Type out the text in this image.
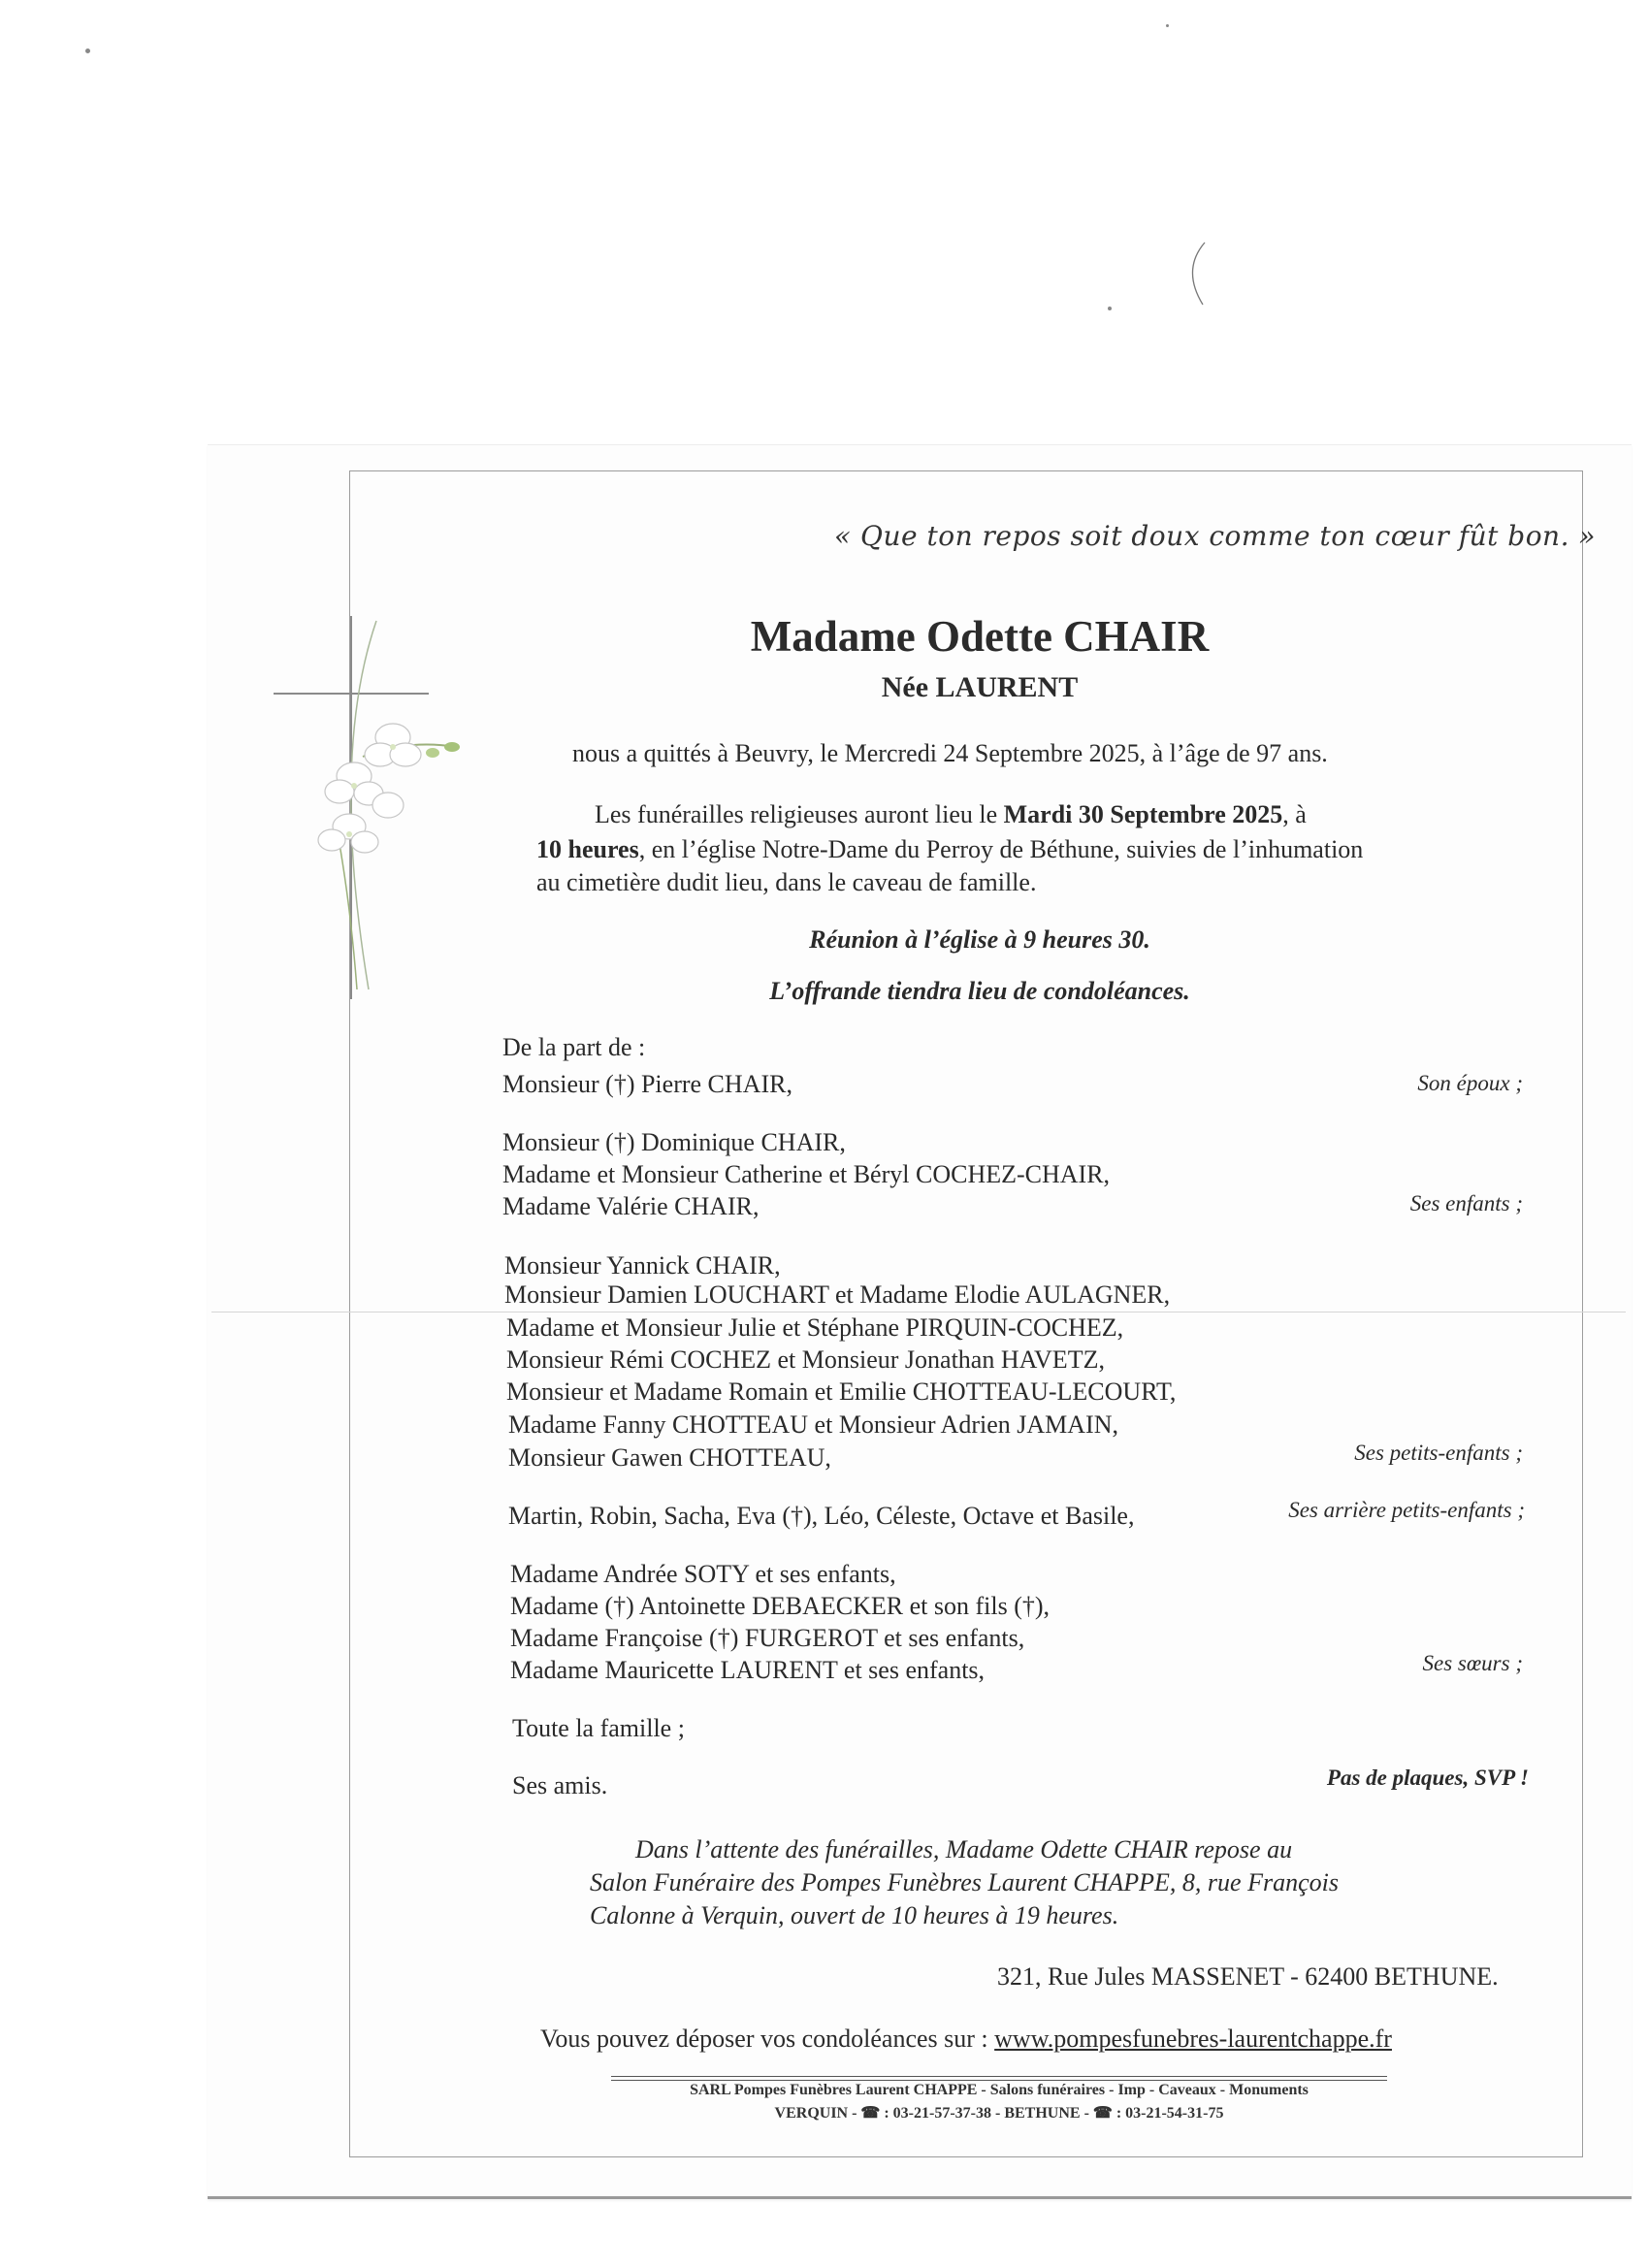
« Que ton repos soit doux comme ton cœur fût bon. »

Madame Odette CHAIR

Née LAURENT

nous a quittés à Beuvry, le Mercredi 24 Septembre 2025, à l’âge de 97 ans.

Les funérailles religieuses auront lieu le Mardi 30 Septembre 2025, à

10 heures, en l’église Notre-Dame du Perroy de Béthune, suivies de l’inhumation

au cimetière dudit lieu, dans le caveau de famille.

Réunion à l’église à 9 heures 30.

L’offrande tiendra lieu de condoléances.

De la part de :

Monsieur (†) Pierre CHAIR,	Son époux ;

Monsieur (†) Dominique CHAIR,

Madame et Monsieur Catherine et Béryl COCHEZ-CHAIR,

Madame Valérie CHAIR,	Ses enfants ;

Monsieur Yannick CHAIR,

Monsieur Damien LOUCHART et Madame Elodie AULAGNER,

Madame et Monsieur Julie et Stéphane PIRQUIN-COCHEZ,

Monsieur Rémi COCHEZ et Monsieur Jonathan HAVETZ,

Monsieur et Madame Romain et Emilie CHOTTEAU-LECOURT,

Madame Fanny CHOTTEAU et Monsieur Adrien JAMAIN,

Monsieur Gawen CHOTTEAU,	Ses petits-enfants ;

Martin, Robin, Sacha, Eva (†), Léo, Céleste, Octave et Basile,	Ses arrière petits-enfants ;

Madame Andrée SOTY et ses enfants,

Madame (†) Antoinette DEBAECKER et son fils (†),

Madame Françoise (†) FURGEROT et ses enfants,

Madame Mauricette LAURENT et ses enfants,	Ses sœurs ;

Toute la famille ;

Ses amis.	Pas de plaques, SVP !

Dans l’attente des funérailles, Madame Odette CHAIR repose au

Salon Funéraire des Pompes Funèbres Laurent CHAPPE, 8, rue François

Calonne à Verquin, ouvert de 10 heures à 19 heures.

321, Rue Jules MASSENET - 62400 BETHUNE.

Vous pouvez déposer vos condoléances sur : www.pompesfunebres-laurentchappe.fr

SARL Pompes Funèbres Laurent CHAPPE - Salons funéraires - Imp - Caveaux - Monuments

VERQUIN - ☎ : 03-21-57-37-38 - BETHUNE - ☎ : 03-21-54-31-75
